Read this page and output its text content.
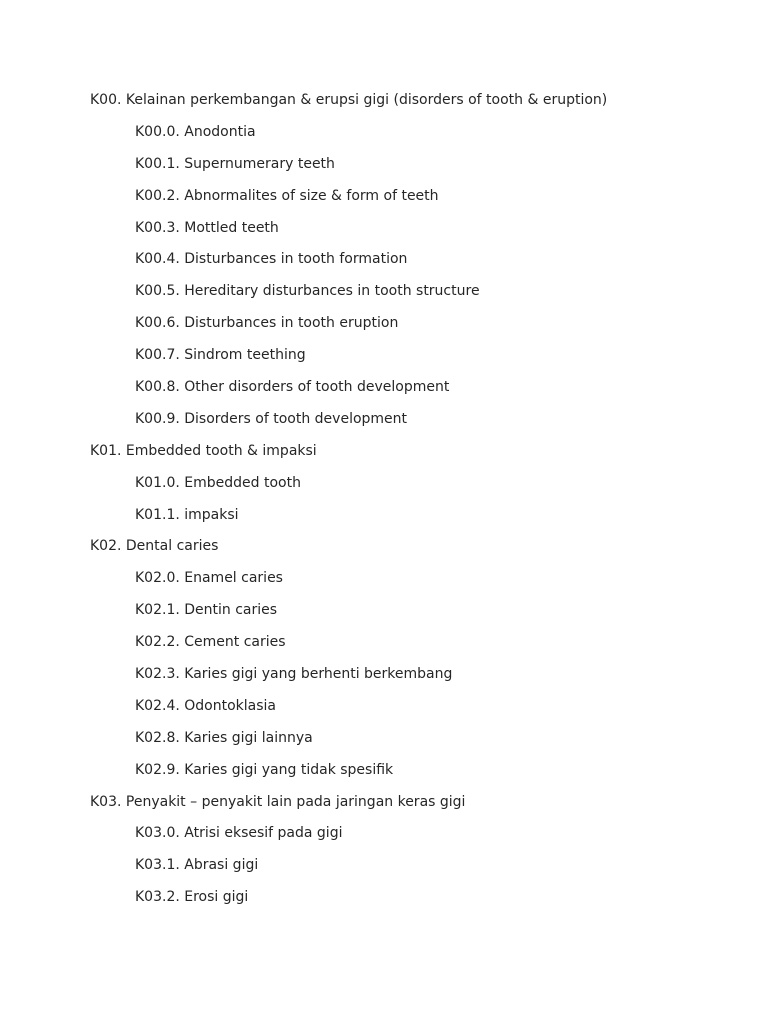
K00. Kelainan perkembangan & erupsi gigi (disorders of tooth & eruption)
K00.0. Anodontia
K00.1. Supernumerary teeth
K00.2. Abnormalites of size & form of teeth
K00.3. Mottled teeth
K00.4. Disturbances in tooth formation
K00.5. Hereditary disturbances in tooth structure
K00.6. Disturbances in tooth eruption
K00.7. Sindrom teething
K00.8. Other disorders of tooth development
K00.9. Disorders of tooth development
K01. Embedded tooth & impaksi
K01.0. Embedded tooth
K01.1. impaksi
K02. Dental caries
K02.0. Enamel caries
K02.1. Dentin caries
K02.2. Cement caries
K02.3. Karies gigi yang berhenti berkembang
K02.4. Odontoklasia
K02.8. Karies gigi lainnya
K02.9. Karies gigi yang tidak spesifik
K03. Penyakit – penyakit lain pada jaringan keras gigi
K03.0. Atrisi eksesif pada gigi
K03.1. Abrasi gigi
K03.2. Erosi gigi
